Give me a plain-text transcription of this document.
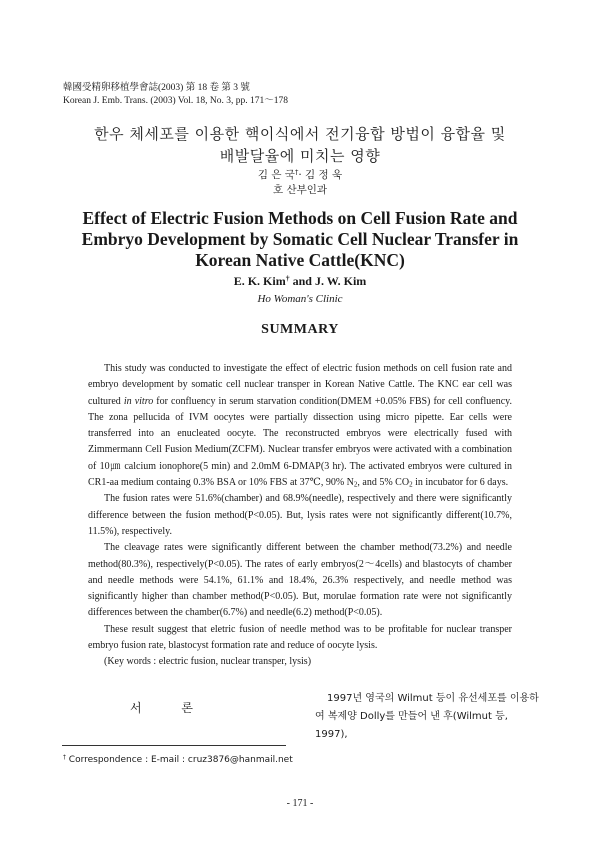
韓國受精卵移植學會誌(2003) 第 18 卷 第 3 號
Korean J. Emb. Trans. (2003) Vol. 18, No. 3, pp. 171～178
한우 체세포를 이용한 핵이식에서 전기융합 방법이 융합율 및
배발달율에 미치는 영향
김 은 국†· 김 정 욱
호 산부인과
Effect of Electric Fusion Methods on Cell Fusion Rate and Embryo Development by Somatic Cell Nuclear Transfer in Korean Native Cattle(KNC)
E. K. Kim† and J. W. Kim
Ho Woman's Clinic
SUMMARY

This study was conducted to investigate the effect of electric fusion methods on cell fusion rate and embryo development by somatic cell nuclear transper in Korean Native Cattle. The KNC ear cell was cultured in vitro for confluency in serum starvation condition(DMEM +0.05% FBS) for cell confluency. The zona pellucida of IVM oocytes were partially dissection using micro pipette. Ear cells were transferred into an enucleated oocyte. The reconstructed embryos were electrically fused with Zimmermann Cell Fusion Medium(ZCFM). Nuclear transfer embryos were activated with a combination of 10㎛ calcium ionophore(5 min) and 2.0mM 6-DMAP(3 hr). The activated embryos were cultured in CR1-aa medium containg 0.3% BSA or 10% FBS at 37℃, 90% $N_2$, and 5% $CO_2$ in incubator for 6 days.

The fusion rates were 51.6%(chamber) and 68.9%(needle), respectively and there were significantly difference between the fusion method(P<0.05). But, lysis rates were not significantly different(10.7%, 11.5%), respectively.

The cleavage rates were significantly different between the chamber method(73.2%) and needle method(80.3%), respectively(P<0.05). The rates of early embryos(2～4cells) and blastocyts of chamber and needle methods were 54.1%, 61.1% and 18.4%, 26.3% respectively, and needle method was significantly higher than chamber method(P<0.05). But, morulae formation rate were not significantly differences between the chamber(6.7%) and needle(6.2) method(P<0.05).

These result suggest that eletric fusion of needle method was to be profitable for nuclear transper embryo fusion rate, blastocyst formation rate and reduce of oocyte lysis.

(Key words : electric fusion, nuclear transper, lysis)

서 론
1997년 영국의 Wilmut 등이 유선세포를 이용하
여 복제양 Dolly를 만들어 낸 후(Wilmut 등, 1997),
† Correspondence : E-mail : cruz3876@hanmail.net
- 171 -
